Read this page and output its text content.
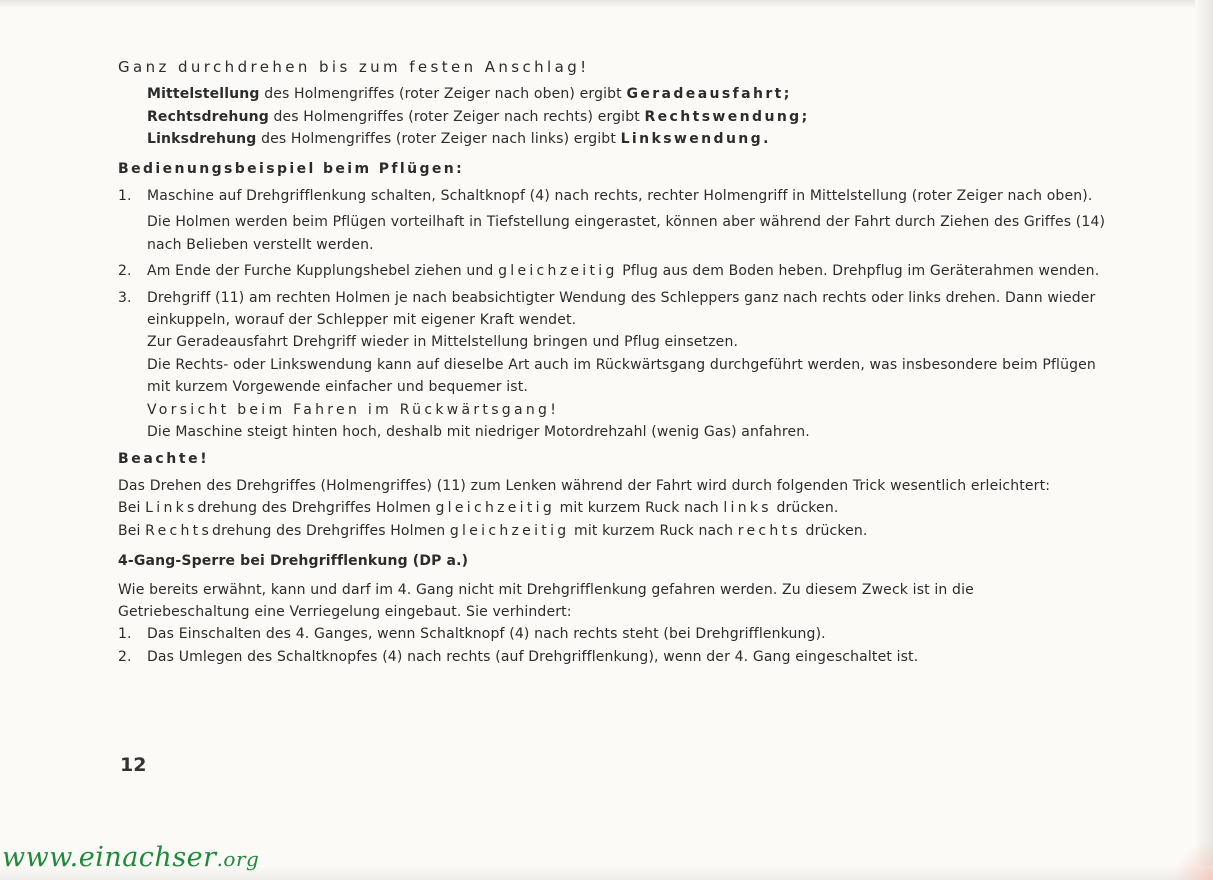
Ganz durchdrehen bis zum festen Anschlag!

Mittelstellung des Holmengriffes (roter Zeiger nach oben) ergibt Geradeausfahrt;

Rechtsdrehung des Holmengriffes (roter Zeiger nach rechts) ergibt Rechtswendung;

Linksdrehung des Holmengriffes (roter Zeiger nach links) ergibt Linkswendung.

Bedienungsbeispiel beim Pflügen:

1.	Maschine auf Drehgrifflenkung schalten, Schaltknopf (4) nach rechts, rechter Holmengriff in Mittelstellung (roter Zeiger nach oben).

Die Holmen werden beim Pflügen vorteilhaft in Tiefstellung eingerastet, können aber während der Fahrt durch Ziehen des Griffes (14) nach Belieben verstellt werden.

2.	Am Ende der Furche Kupplungshebel ziehen und gleichzeitig Pflug aus dem Boden heben. Drehpflug im Geräterahmen wenden.

3.	Drehgriff (11) am rechten Holmen je nach beabsichtigter Wendung des Schleppers ganz nach rechts oder links drehen. Dann wieder einkuppeln, worauf der Schlepper mit eigener Kraft wendet.

Zur Geradeausfahrt Drehgriff wieder in Mittelstellung bringen und Pflug einsetzen.

Die Rechts- oder Linkswendung kann auf dieselbe Art auch im Rückwärtsgang durchgeführt werden, was insbesondere beim Pflügen mit kurzem Vorgewende einfacher und bequemer ist.

Vorsicht beim Fahren im Rückwärtsgang!

Die Maschine steigt hinten hoch, deshalb mit niedriger Motordrehzahl (wenig Gas) anfahren.

Beachte!

Das Drehen des Drehgriffes (Holmengriffes) (11) zum Lenken während der Fahrt wird durch folgenden Trick wesentlich erleichtert:

Bei Linksdrehung des Drehgriffes Holmen gleichzeitig mit kurzem Ruck nach links drücken.

Bei Rechtsdrehung des Drehgriffes Holmen gleichzeitig mit kurzem Ruck nach rechts drücken.

4-Gang-Sperre bei Drehgrifflenkung (DP a.)

Wie bereits erwähnt, kann und darf im 4. Gang nicht mit Drehgrifflenkung gefahren werden. Zu diesem Zweck ist in die Getriebeschaltung eine Verriegelung eingebaut. Sie verhindert:

1.	Das Einschalten des 4. Ganges, wenn Schaltknopf (4) nach rechts steht (bei Drehgrifflenkung).
2.	Das Umlegen des Schaltknopfes (4) nach rechts (auf Drehgrifflenkung), wenn der 4. Gang eingeschaltet ist.
12
www.einachser.org
